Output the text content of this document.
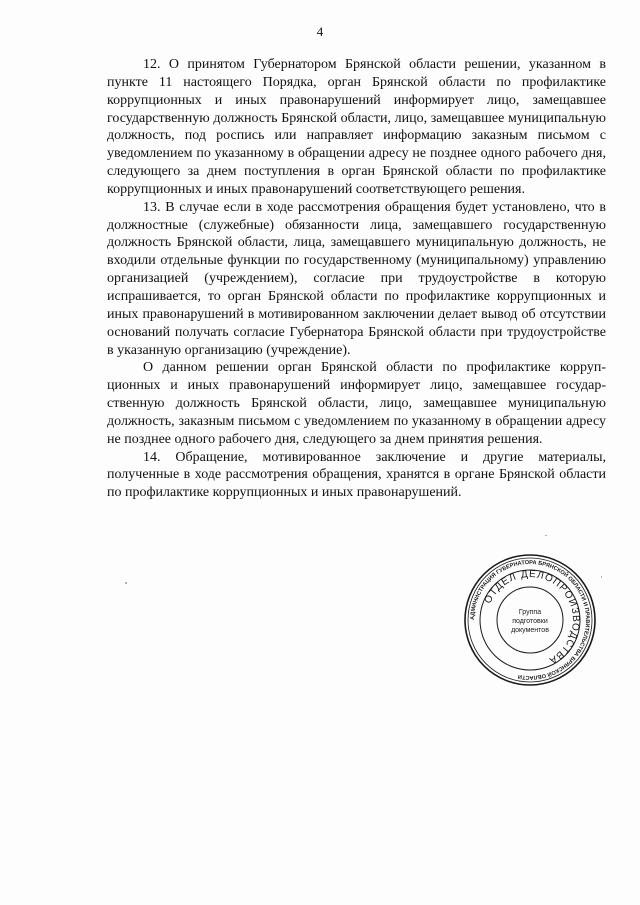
4

12. О принятом Губернатором Брянской области решении, указанном в пункте 11 настоящего Порядка, орган Брянской области по профилактике коррупционных и иных правонарушений информирует лицо, замещавшее государственную должность Брянской области, лицо, замещавшее муниципальную должность, под роспись или направляет информацию заказным письмом с уведомлением по указанному в обращении адресу не позднее одного рабочего дня, следующего за днем поступления в орган Брянской области по профилактике коррупционных и иных правонарушений соответствующего решения.

13. В случае если в ходе рассмотрения обращения будет установлено, что в должностные (служебные) обязанности лица, замещавшего государственную должность Брянской области, лица, замещавшего муниципальную должность, не входили отдельные функции по государственному (муниципальному) управлению организацией (учреждением), согласие при трудоустройстве в которую испрашивается, то орган Брянской области по профилактике коррупционных и иных правонарушений в мотивированном заключении делает вывод об отсутствии оснований получать согласие Губернатора Брянской области при трудоустройстве в указанную организацию (учреждение).

О данном решении орган Брянской области по профилактике коррупционных и иных правонарушений информирует лицо, замещавшее государственную должность Брянской области, лицо, замещавшее муниципальную должность, заказным письмом с уведомлением по указанному в обращении адресу не позднее одного рабочего дня, следующего за днем принятия решения.

14. Обращение, мотивированное заключение и другие материалы, полученные в ходе рассмотрения обращения, хранятся в органе Брянской области по профилактике коррупционных и иных правонарушений.

АДМИНИСТРАЦИЯ ГУБЕРНАТОРА БРЯНСКОЙ ОБЛАСТИ И ПРАВИТЕЛЬСТВА БРЯНСКОЙ ОБЛАСТИ
ОТДЕЛ ДЕЛОПРОИЗВОДСТВА
Группа
подготовки
документов
